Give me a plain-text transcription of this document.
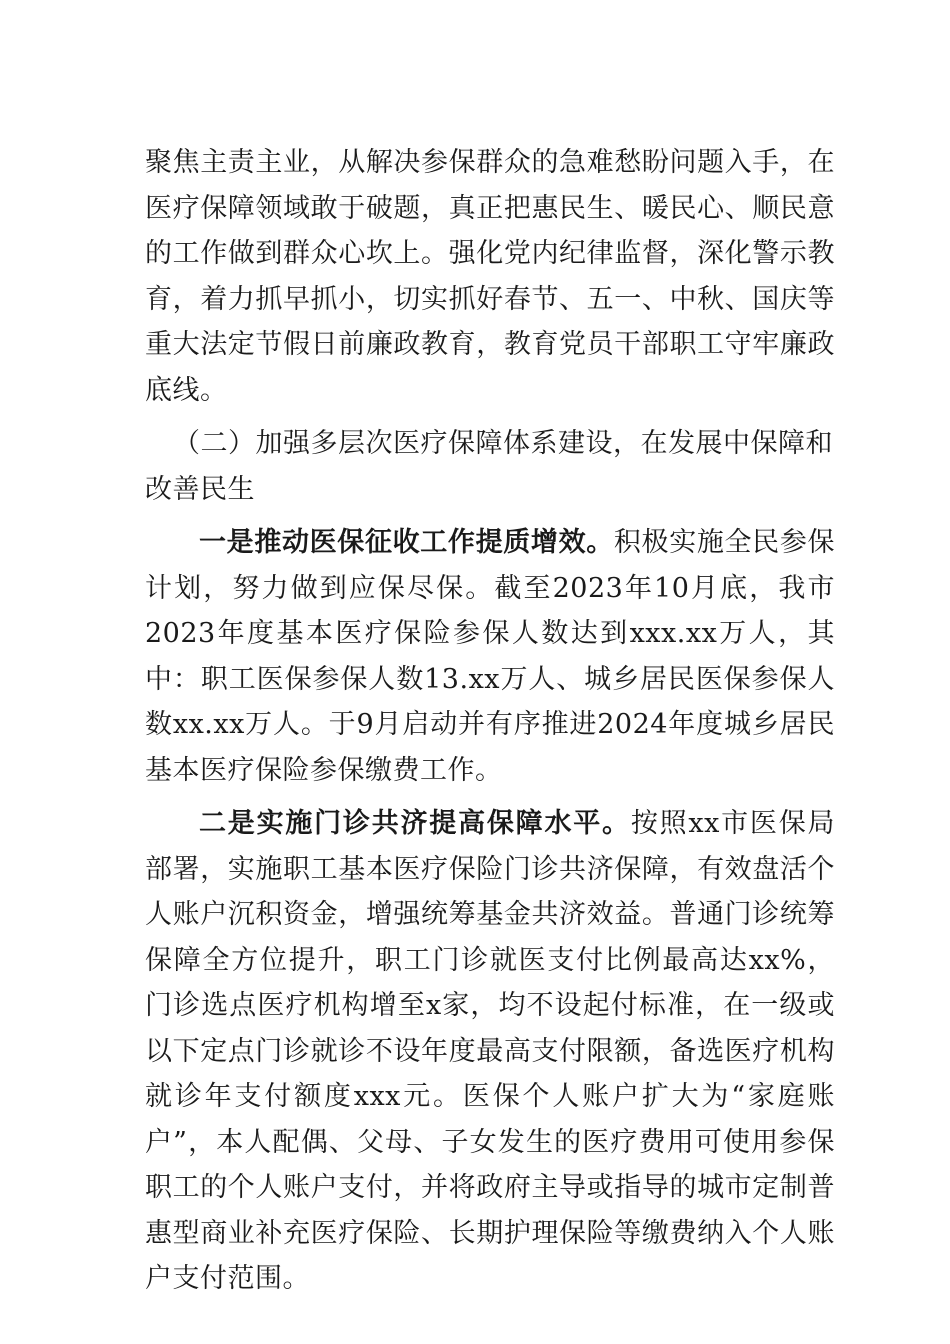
聚焦主责主业，从解决参保群众的急难愁盼问题入手，在医疗保障领域敢于破题，真正把惠民生、暖民心、顺民意的工作做到群众心坎上。强化党内纪律监督，深化警示教育，着力抓早抓小，切实抓好春节、五一、中秋、国庆等重大法定节假日前廉政教育，教育党员干部职工守牢廉政底线。

（二）加强多层次医疗保障体系建设，在发展中保障和改善民生

一是推动医保征收工作提质增效。积极实施全民参保计划，努力做到应保尽保。截至2023年10月底，我市2023年度基本医疗保险参保人数达到xxx.xx万人，其中：职工医保参保人数13.xx万人、城乡居民医保参保人数xx.xx万人。于9月启动并有序推进2024年度城乡居民基本医疗保险参保缴费工作。

二是实施门诊共济提高保障水平。按照xx市医保局部署，实施职工基本医疗保险门诊共济保障，有效盘活个人账户沉积资金，增强统筹基金共济效益。普通门诊统筹保障全方位提升，职工门诊就医支付比例最高达xx%，门诊选点医疗机构增至x家，均不设起付标准，在一级或以下定点门诊就诊不设年度最高支付限额，备选医疗机构就诊年支付额度xxx元。医保个人账户扩大为“家庭账户”，本人配偶、父母、子女发生的医疗费用可使用参保职工的个人账户支付，并将政府主导或指导的城市定制普惠型商业补充医疗保险、长期护理保险等缴费纳入个人账户支付范围。
